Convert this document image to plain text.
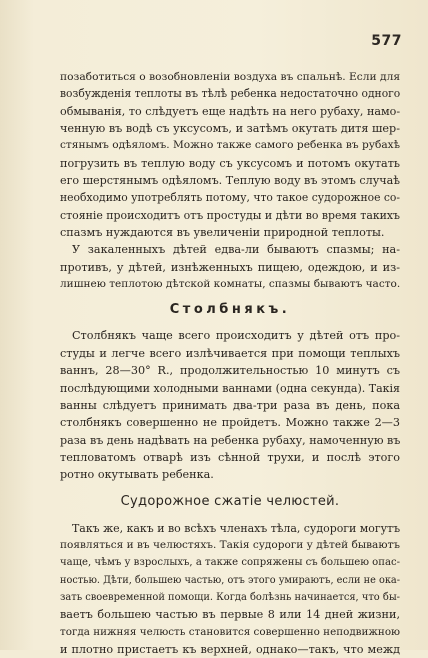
577
позаботиться о возобновленіи воздуха въ спальнѣ. Если для
возбужденія теплоты въ тѣлѣ ребенка недостаточно одного
обмыванія, то слѣдуетъ еще надѣть на него рубаху, намо-
ченную въ водѣ съ уксусомъ, и затѣмъ окутать дитя шер-
стянымъ одѣяломъ. Можно также самого ребенка въ рубахѣ
погрузить въ теплую воду съ уксусомъ и потомъ окутать
его шерстянымъ одѣяломъ. Теплую воду въ этомъ случаѣ
необходимо употреблять потому, что такое судорожное со-
стояніе происходитъ отъ простуды и дѣти во время такихъ
спазмъ нуждаются въ увеличеніи природной теплоты.
У закаленныхъ дѣтей едва-ли бываютъ спазмы; на-
противъ, у дѣтей, изнѣженныхъ пищею, одеждою, и из-
лишнею теплотою дѣтской комнаты, спазмы бываютъ часто.
Столбнякъ.
Столбнякъ чаще всего происходитъ у дѣтей отъ про-
студы и легче всего излѣчивается при помощи теплыхъ
ваннъ, 28—30° R., продолжительностью 10 минутъ съ
послѣдующими холодными ваннами (одна секунда). Такія
ванны слѣдуетъ принимать два-три раза въ день, пока
столбнякъ совершенно не пройдетъ. Можно также 2—3
раза въ день надѣвать на ребенка рубаху, намоченную въ
тепловатомъ отварѣ изъ сѣнной трухи, и послѣ этого
ротно окутывать ребенка.
Судорожное сжатіе челюстей.
Такъ же, какъ и во всѣхъ членахъ тѣла, судороги могутъ
появляться и въ челюстяхъ. Такія судороги у дѣтей бываютъ
чаще, чѣмъ у взрослыхъ, а также сопряжены съ большею опас-
ностью. Дѣти, большею частью, отъ этого умираютъ, если не ока-
зать своевременной помощи. Когда болѣзнь начинается, что бы-
ваетъ большею частью въ первые 8 или 14 дней жизни,
тогда нижняя челюсть становится совершенно неподвижною
и плотно пристаетъ къ верхней, однако—такъ, что межд
